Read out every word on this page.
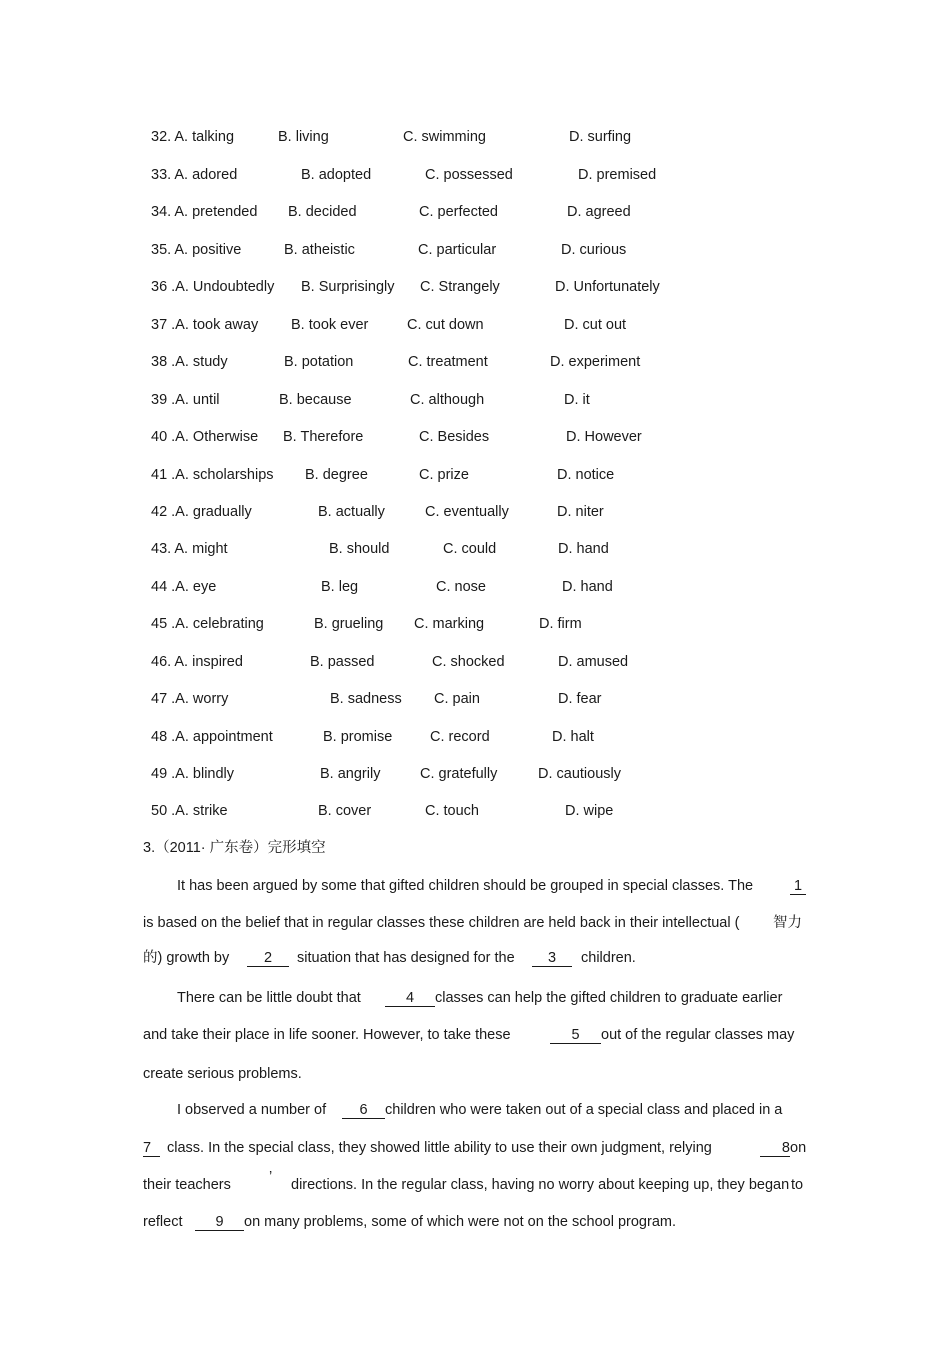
32. A. talking	B. living	C. swimming	D. surfing
33. A. adored	B. adopted	C. possessed	D. premised
34. A. pretended B. decided	C. perfected	D. agreed
35. A. positive	B. atheistic	C. particular	D. curious
36 .A. Undoubtedly B. Surprisingly C. Strangely	D. Unfortunately
37 .A. took away B. took ever	C. cut down	D. cut out
38 .A. study	B. potation	C. treatment	D. experiment
39 .A. until	B. because	C. although	D. it
40 .A. Otherwise B. Therefore	C. Besides	D. However
41 .A. scholarships B. degree	C. prize	D. notice
42 .A. gradually	B. actually	C. eventually	D. niter
43. A. might	B. should	C. could	D. hand
44 .A. eye	B. leg	C. nose	D. hand
45 .A. celebrating	B. grueling C. marking	D. firm
46. A. inspired	B. passed	C. shocked	D. amused
47 .A. worry	B. sadness C. pain	D. fear
48 .A. appointment	B. promise	C. record	D. halt
49 .A. blindly	B. angrily	C. gratefully	D. cautiously
50 .A. strike	B. cover	C. touch	D. wipe
3.（2011· 广东卷）完形填空
It has been argued by some that gifted children should be grouped in special classes. The	1
is based on the belief that in regular classes these children are held back in their intellectual ( 智力
的) growth by	2	situation that has designed for the	3	children.
There can be little doubt that	4	classes can help the gifted children to graduate earlier
and take their place in life sooner. However, to take these	5	out of the regular classes may
create serious problems.
I observed a number of	6	children who were taken out of a special class and placed in a
7	class. In the special class, they showed little ability to use their own judgment, relying	8 on
their teachers	’ directions. In the regular class, having no worry about keeping up, they began to
reflect	9	on many problems, some of which were not on the school program.
